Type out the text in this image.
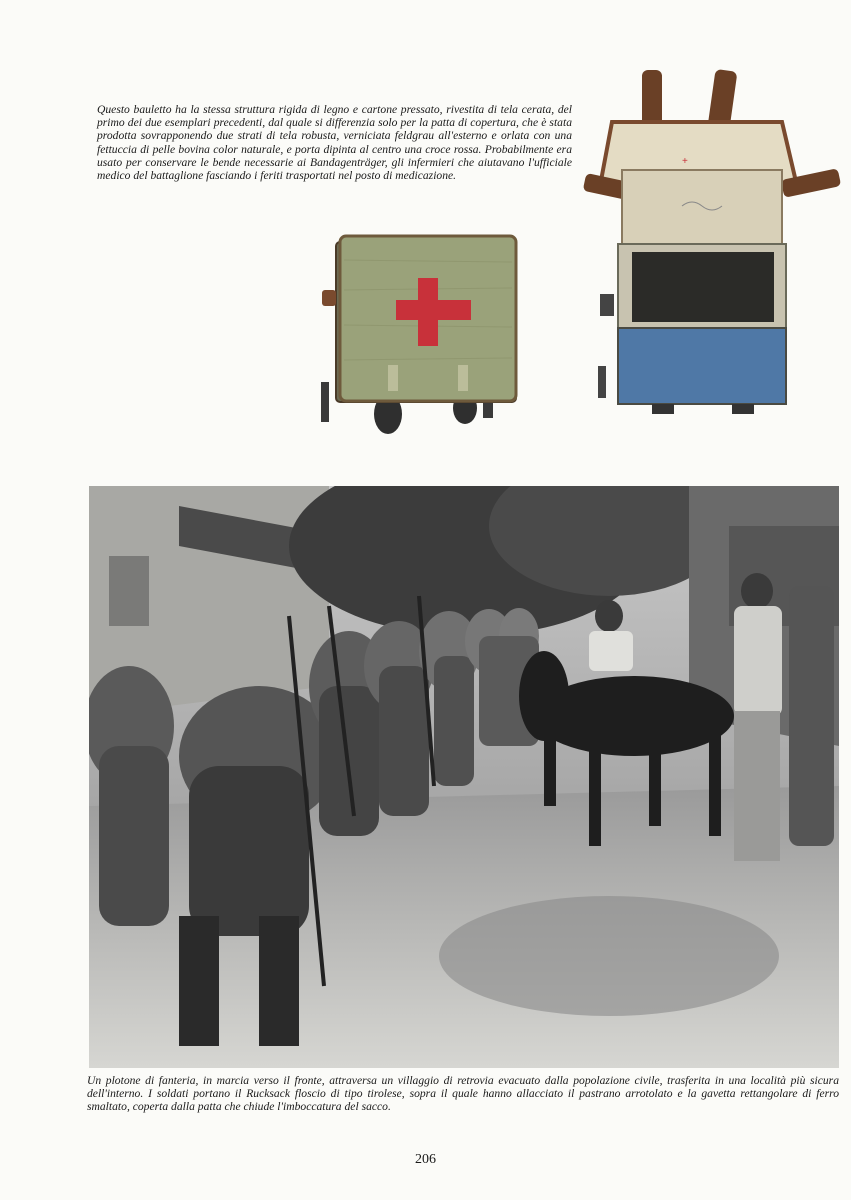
Questo bauletto ha la stessa struttura rigida di legno e cartone pressato, rivestita di tela cerata, del primo dei due esemplari precedenti, dal quale si differenzia solo per la patta di copertura, che è stata prodotta sovrapponendo due strati di tela robusta, verniciata feldgrau all'esterno e orlata con una fettuccia di pelle bovina color naturale, e porta dipinta al centro una croce rossa. Probabilmente era usato per conservare le bende necessarie ai Bandagenträger, gli infermieri che aiutavano l'ufficiale medico del battaglione fasciando i feriti trasportati nel posto di medicazione.
+
Un plotone di fanteria, in marcia verso il fronte, attraversa un villaggio di retrovia evacuato dalla popolazione civile, trasferita in una località più sicura dell'interno. I soldati portano il Rucksack floscio di tipo tirolese, sopra il quale hanno allacciato il pastrano arrotolato e la gavetta rettangolare di ferro smaltato, coperta dalla patta che chiude l'imboccatura del sacco.
206
